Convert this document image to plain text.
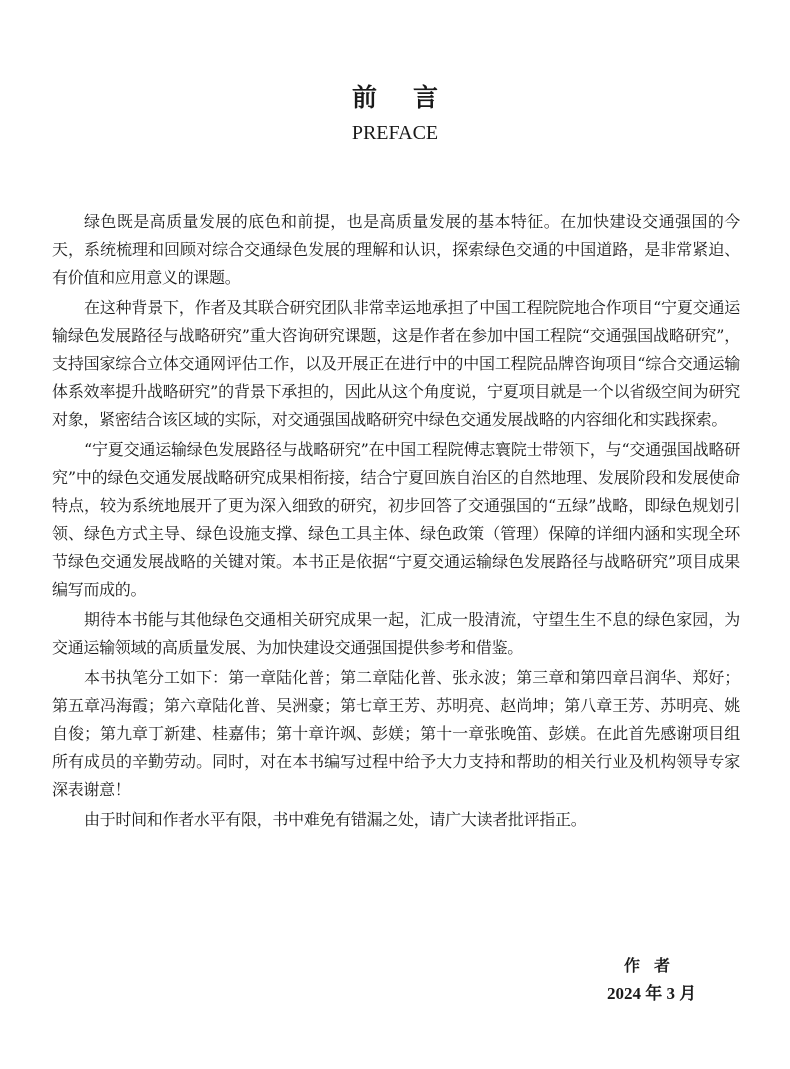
前言
PREFACE

绿色既是高质量发展的底色和前提，也是高质量发展的基本特征。在加快建设交通强国的今天，系统梳理和回顾对综合交通绿色发展的理解和认识，探索绿色交通的中国道路，是非常紧迫、有价值和应用意义的课题。

在这种背景下，作者及其联合研究团队非常幸运地承担了中国工程院院地合作项目“宁夏交通运输绿色发展路径与战略研究”重大咨询研究课题，这是作者在参加中国工程院“交通强国战略研究”，支持国家综合立体交通网评估工作，以及开展正在进行中的中国工程院品牌咨询项目“综合交通运输体系效率提升战略研究”的背景下承担的，因此从这个角度说，宁夏项目就是一个以省级空间为研究对象，紧密结合该区域的实际，对交通强国战略研究中绿色交通发展战略的内容细化和实践探索。

“宁夏交通运输绿色发展路径与战略研究”在中国工程院傅志寰院士带领下，与“交通强国战略研究”中的绿色交通发展战略研究成果相衔接，结合宁夏回族自治区的自然地理、发展阶段和发展使命特点，较为系统地展开了更为深入细致的研究，初步回答了交通强国的“五绿”战略，即绿色规划引领、绿色方式主导、绿色设施支撑、绿色工具主体、绿色政策（管理）保障的详细内涵和实现全环节绿色交通发展战略的关键对策。本书正是依据“宁夏交通运输绿色发展路径与战略研究”项目成果编写而成的。

期待本书能与其他绿色交通相关研究成果一起，汇成一股清流，守望生生不息的绿色家园，为交通运输领域的高质量发展、为加快建设交通强国提供参考和借鉴。

本书执笔分工如下：第一章陆化普；第二章陆化普、张永波；第三章和第四章吕润华、郑好；第五章冯海霞；第六章陆化普、吴洲豪；第七章王芳、苏明亮、赵尚坤；第八章王芳、苏明亮、姚自俊；第九章丁新建、桂嘉伟；第十章许飒、彭媄；第十一章张晚笛、彭媄。在此首先感谢项目组所有成员的辛勤劳动。同时，对在本书编写过程中给予大力支持和帮助的相关行业及机构领导专家深表谢意！

由于时间和作者水平有限，书中难免有错漏之处，请广大读者批评指正。

作者
2024 年 3 月
